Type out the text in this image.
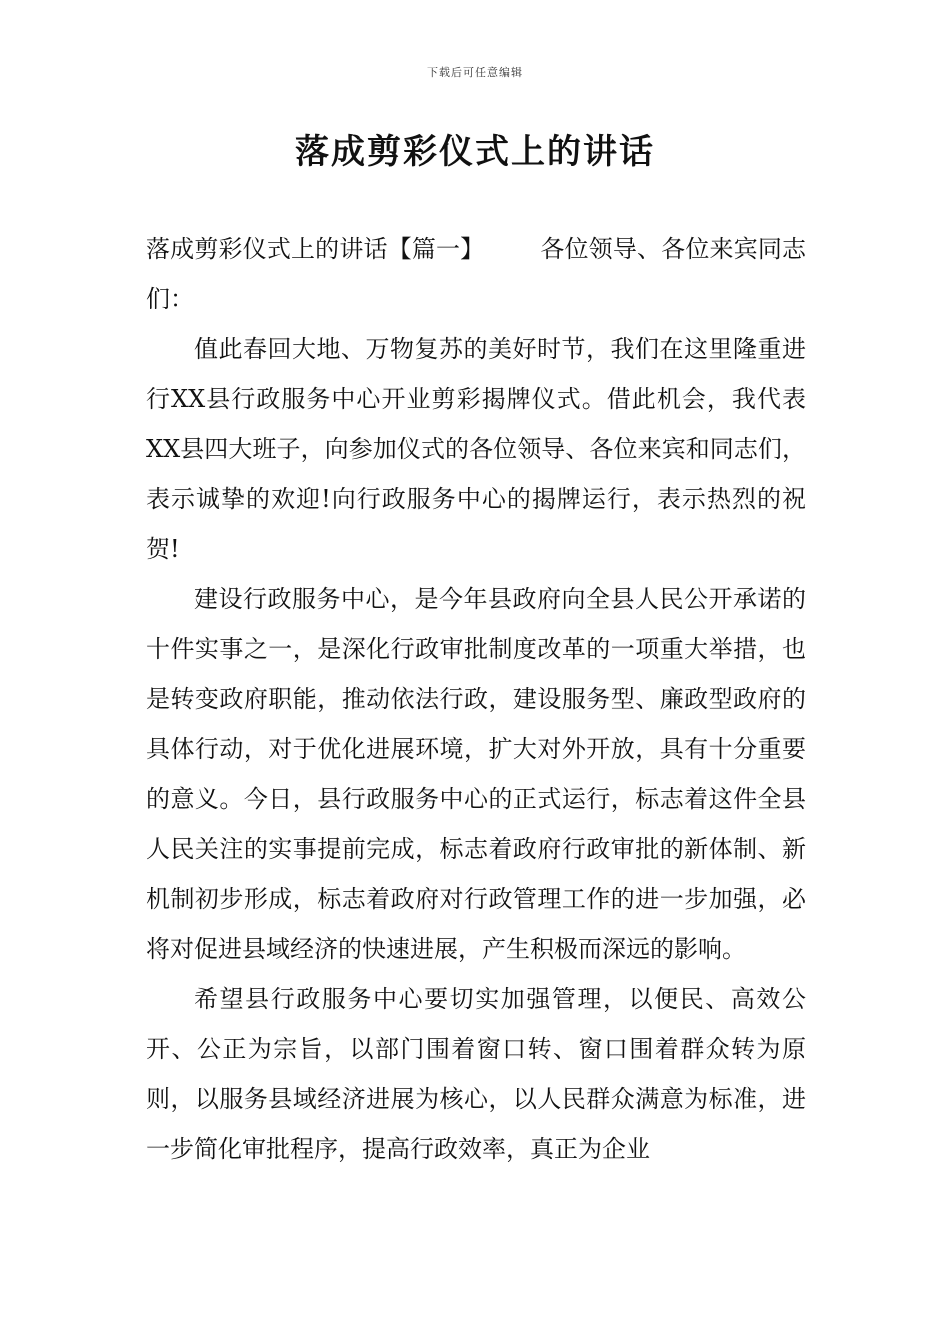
下载后可任意编辑
落成剪彩仪式上的讲话

落成剪彩仪式上的讲话【篇一】 各位领导、各位来宾同志们：

值此春回大地、万物复苏的美好时节，我们在这里隆重进行XX县行政服务中心开业剪彩揭牌仪式。借此机会，我代表XX县四大班子，向参加仪式的各位领导、各位来宾和同志们，表示诚挚的欢迎!向行政服务中心的揭牌运行，表示热烈的祝贺!

建设行政服务中心，是今年县政府向全县人民公开承诺的十件实事之一，是深化行政审批制度改革的一项重大举措，也是转变政府职能，推动依法行政，建设服务型、廉政型政府的具体行动，对于优化进展环境，扩大对外开放，具有十分重要的意义。今日，县行政服务中心的正式运行，标志着这件全县人民关注的实事提前完成，标志着政府行政审批的新体制、新机制初步形成，标志着政府对行政管理工作的进一步加强，必将对促进县域经济的快速进展，产生积极而深远的影响。

希望县行政服务中心要切实加强管理，以便民、高效公开、公正为宗旨，以部门围着窗口转、窗口围着群众转为原则，以服务县域经济进展为核心，以人民群众满意为标准，进一步简化审批程序，提高行政效率，真正为企业
